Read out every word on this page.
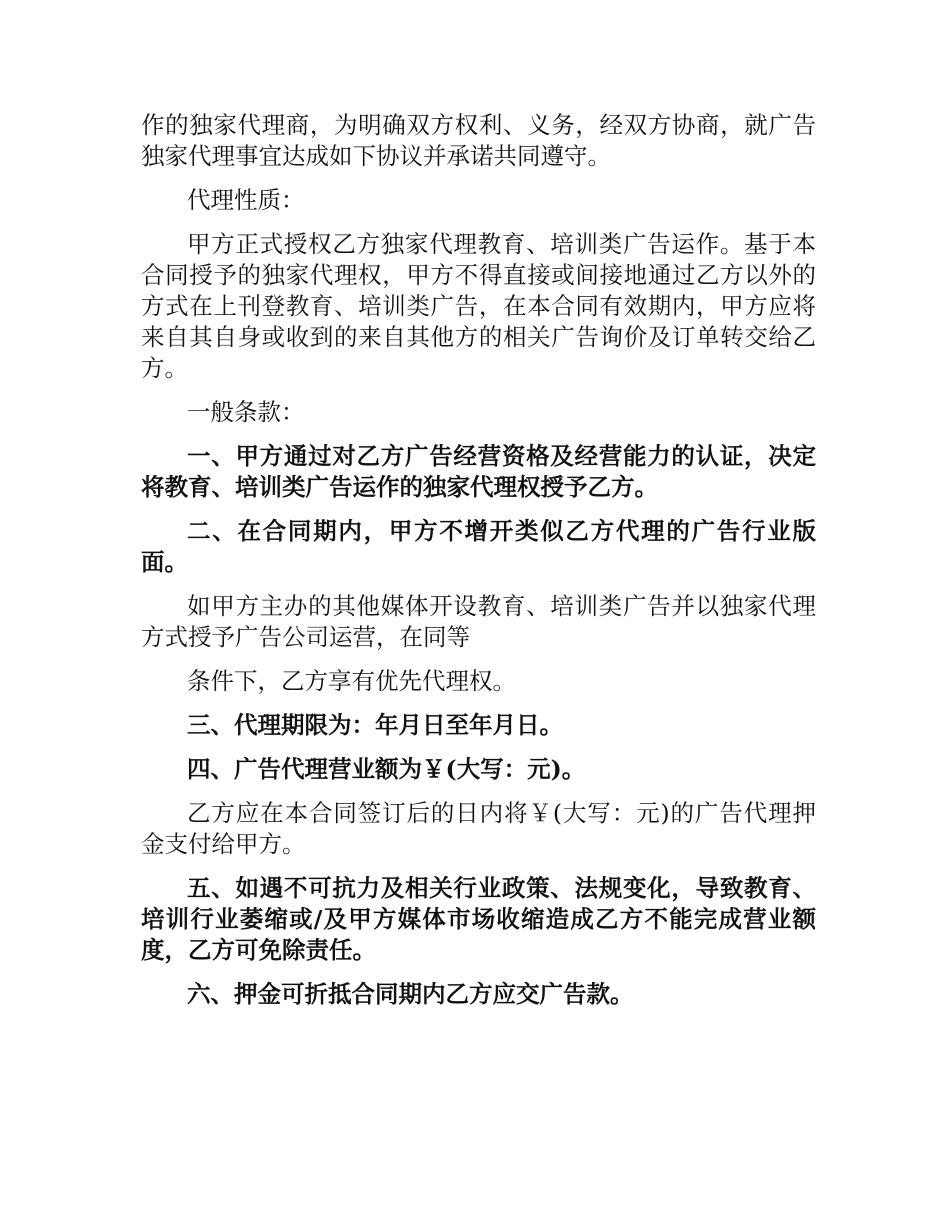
作的独家代理商，为明确双方权利、义务，经双方协商，就广告独家代理事宜达成如下协议并承诺共同遵守。

代理性质：

甲方正式授权乙方独家代理教育、培训类广告运作。基于本合同授予的独家代理权，甲方不得直接或间接地通过乙方以外的方式在上刊登教育、培训类广告，在本合同有效期内，甲方应将来自其自身或收到的来自其他方的相关广告询价及订单转交给乙方。

一般条款：

一、甲方通过对乙方广告经营资格及经营能力的认证，决定将教育、培训类广告运作的独家代理权授予乙方。

二、在合同期内，甲方不增开类似乙方代理的广告行业版面。

如甲方主办的其他媒体开设教育、培训类广告并以独家代理方式授予广告公司运营，在同等

条件下，乙方享有优先代理权。

三、代理期限为：年月日至年月日。

四、广告代理营业额为￥(大写：元)。

乙方应在本合同签订后的日内将￥(大写：元)的广告代理押金支付给甲方。

五、如遇不可抗力及相关行业政策、法规变化，导致教育、培训行业萎缩或/及甲方媒体市场收缩造成乙方不能完成营业额度，乙方可免除责任。

六、押金可折抵合同期内乙方应交广告款。
